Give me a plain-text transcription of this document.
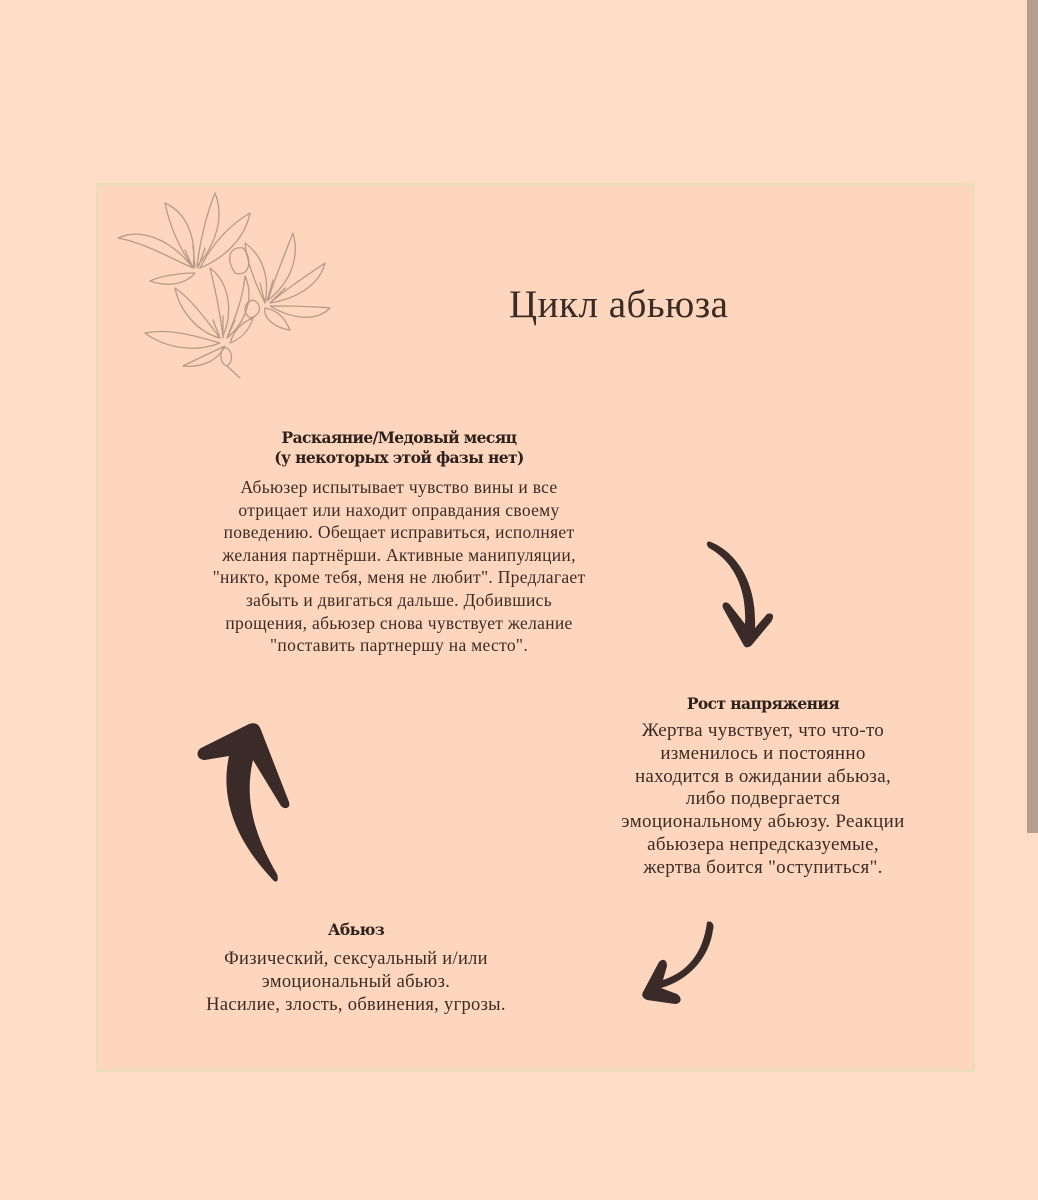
Цикл абьюза
Раскаяние/Медовый месяц
(у некоторых этой фазы нет)
Абьюзер испытывает чувство вины и все
отрицает или находит оправдания своему
поведению. Обещает исправиться, исполняет
желания партнёрши. Активные манипуляции,
"никто, кроме тебя, меня не любит". Предлагает
забыть и двигаться дальше. Добившись
прощения, абьюзер снова чувствует желание
"поставить партнершу на место".
Рост напряжения
Жертва чувствует, что что-то
изменилось и постоянно
находится в ожидании абьюза,
либо подвергается
эмоциональному абьюзу. Реакции
абьюзера непредсказуемые,
жертва боится "оступиться".
Абьюз
Физический, сексуальный и/или
эмоциональный абьюз.
Насилие, злость, обвинения, угрозы.
